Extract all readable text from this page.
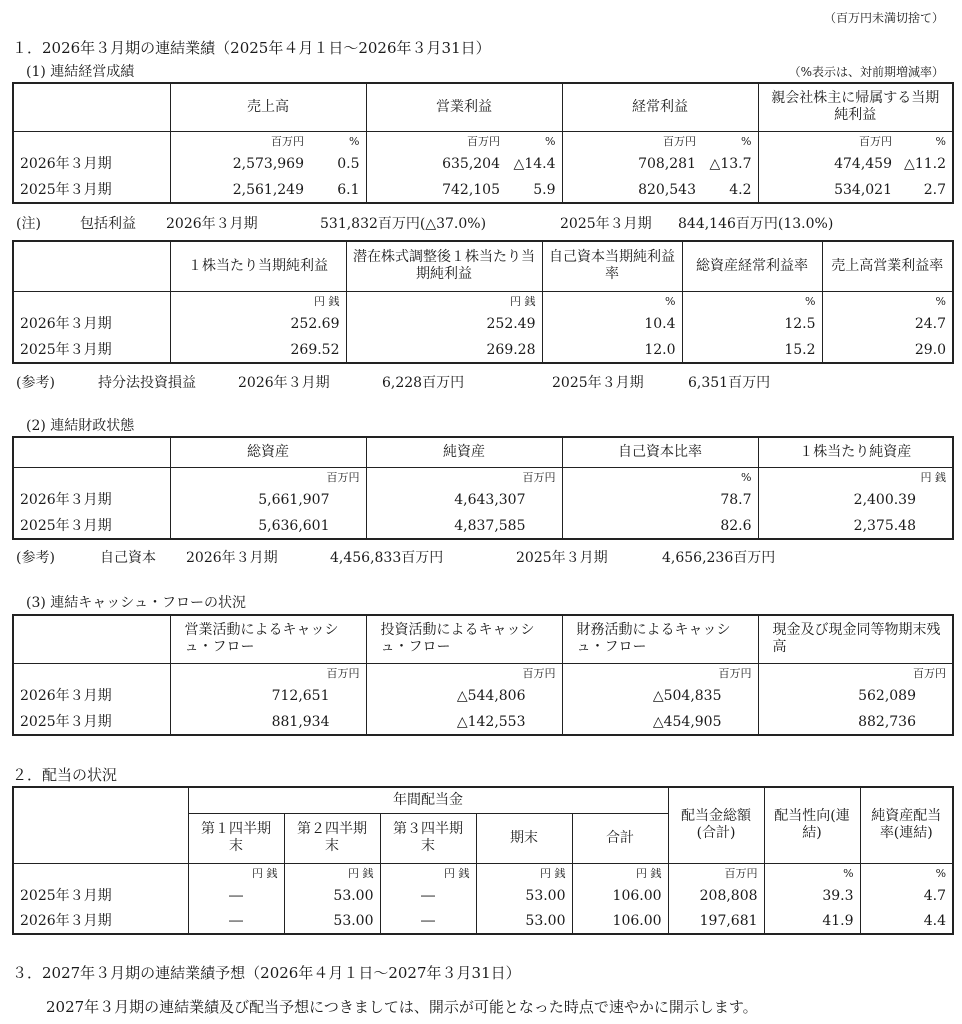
（百万円未満切捨て）
１．2026年３月期の連結業績（2025年４月１日～2026年３月31日）
(1) 連結経営成績	（%表示は、対前期増減率）
	売上高		営業利益		経常利益		親会社株主に帰属する当期純利益	
	百万円	%	百万円	%	百万円	%	百万円	%
2026年３月期	2,573,969	0.5	635,204	△14.4	708,281	△13.7	474,459	△11.2
2025年３月期	2,561,249	6.1	742,105	5.9	820,543	4.2	534,021	2.7
(注)	包括利益 2026年３月期	531,832百万円(△37.0%)	2025年３月期 844,146百万円(13.0%)
	１株当たり当期純利益	潜在株式調整後１株当たり当期純利益	自己資本当期純利益率	総資産経常利益率	売上高営業利益率
	円 銭	円 銭	%	%	%
2026年３月期	252.69	252.49	10.4	12.5	24.7
2025年３月期	269.52	269.28	12.0	15.2	29.0
(参考)	持分法投資損益	2026年３月期	6,228百万円	2025年３月期	6,351百万円
(2) 連結財政状態
	総資産	純資産	自己資本比率	１株当たり純資産
	百万円	百万円	%	円 銭
2026年３月期	5,661,907	4,643,307	78.7	2,400.39
2025年３月期	5,636,601	4,837,585	82.6	2,375.48
(参考)	自己資本 2026年３月期	4,456,833百万円	2025年３月期	4,656,236百万円
(3) 連結キャッシュ・フローの状況
	営業活動によるキャッシュ・フロー	投資活動によるキャッシュ・フロー	財務活動によるキャッシュ・フロー	現金及び現金同等物期末残高
	百万円	百万円	百万円	百万円
2026年３月期	712,651	△544,806	△504,835	562,089
2025年３月期	881,934	△142,553	△454,905	882,736
２．配当の状況
	年間配当金					配当金総額(合計)	配当性向(連結)	純資産配当率(連結)
	第１四半期末	第２四半期末	第３四半期末	期末	合計			
	円 銭	円 銭	円 銭	円 銭	円 銭	百万円	%	%
2025年３月期	―	53.00	―	53.00	106.00	208,808	39.3	4.7
2026年３月期	―	53.00	―	53.00	106.00	197,681	41.9	4.4
３．2027年３月期の連結業績予想（2026年４月１日～2027年３月31日）
2027年３月期の連結業績及び配当予想につきましては、開示が可能となった時点で速やかに開示します。
